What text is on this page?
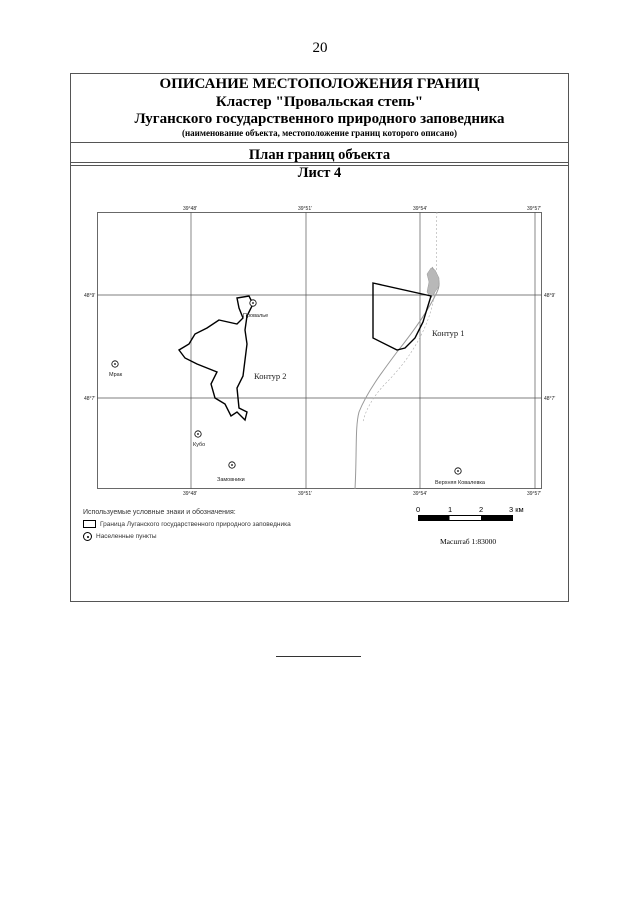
20
ОПИСАНИЕ МЕСТОПОЛОЖЕНИЯ ГРАНИЦ
Кластер "Провальская степь"
Луганского государственного природного заповедника
(наименование объекта, местоположение границ которого описано)
План границ объекта
Лист 4
39°48'	39°51'	39°54'	39°57'
39°48'	39°51'	39°54'	39°57'
48°9'
48°7'
48°9'
48°7'
Контур 1
Контур 2
Провалье
Мрак
Кубо
Замовники	Верхняя Ковалевка
Используемые условные знаки и обозначения:
Граница Луганского государственного природного заповедника
Населенные пункты
0	1	2	3 км
Масштаб 1:83000
